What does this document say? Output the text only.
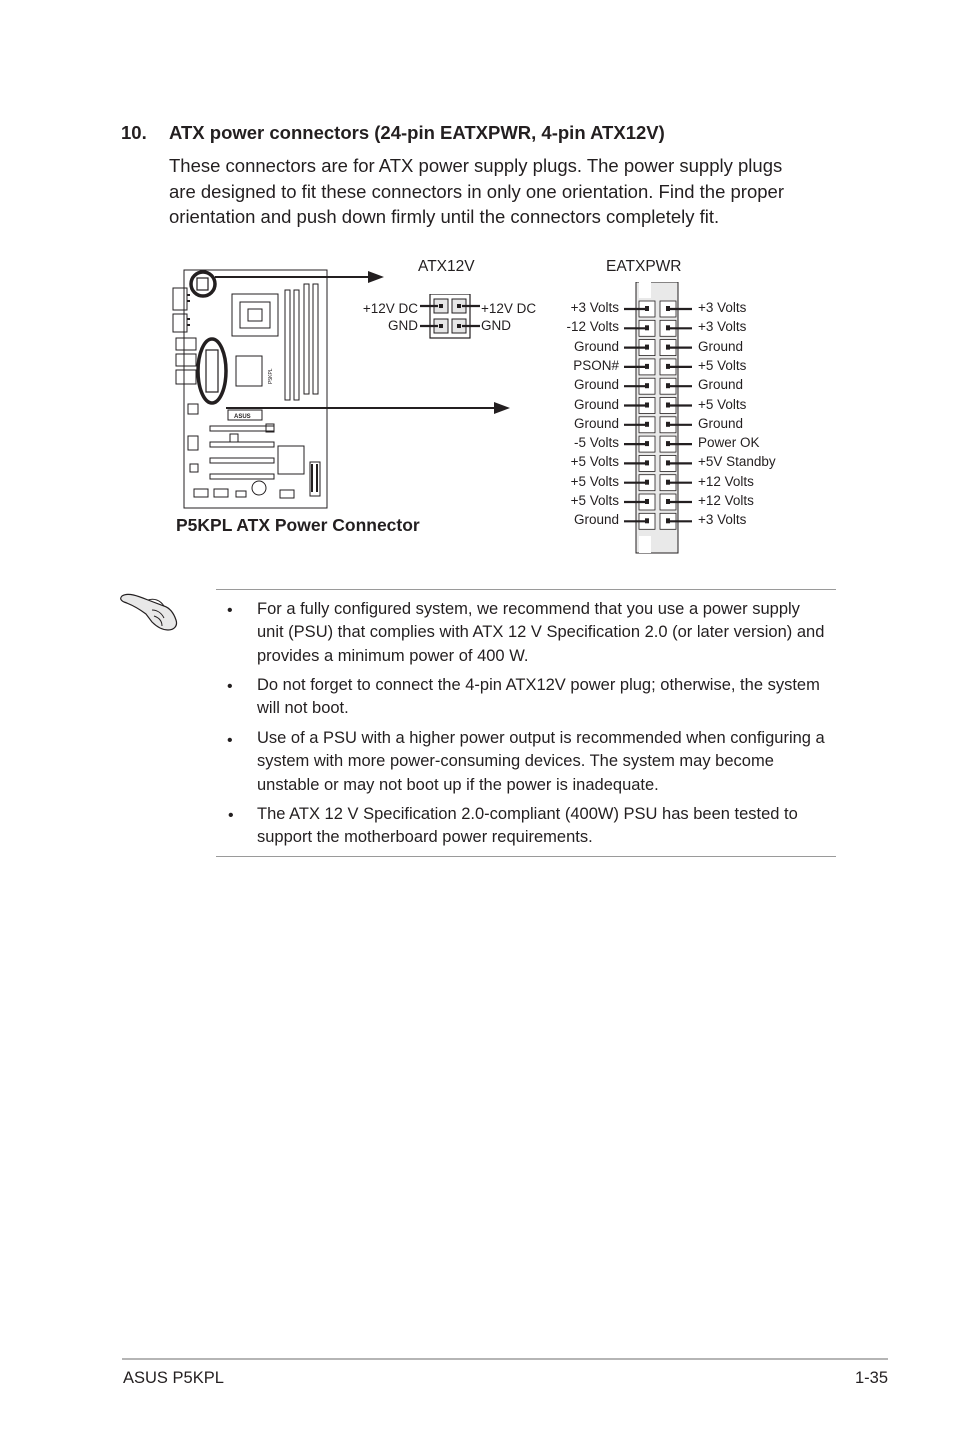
10. ATX power connectors (24-pin EATXPWR, 4-pin ATX12V)
These connectors are for ATX power supply plugs. The power supply plugs
are designed to fit these connectors in only one orientation. Find the proper
orientation and push down firmly until the connectors completely fit.
P5KPL
ASUS
ATX12V
+12V DC
GND
+12V DC
GND
EATXPWR
+3 Volts
-12 Volts
Ground
PSON#
Ground
Ground
Ground
-5 Volts
+5 Volts
+5 Volts
+5 Volts
Ground
+3 Volts
+3 Volts
Ground
+5 Volts
Ground
+5 Volts
Ground
Power OK
+5V Standby
+12 Volts
+12 Volts
+3 Volts
P5KPL ATX Power Connector
• For a fully configured system, we recommend that you use a power supply unit (PSU) that complies with ATX 12 V Specification 2.0 (or later version) and provides a minimum power of 400 W.
• Do not forget to connect the 4-pin ATX12V power plug; otherwise, the system will not boot.
• Use of a PSU with a higher power output is recommended when configuring a system with more power-consuming devices. The system may become unstable or may not boot up if the power is inadequate.
• The ATX 12 V Specification 2.0-compliant (400W) PSU has been tested to support the motherboard power requirements.
ASUS P5KPL	1-35
